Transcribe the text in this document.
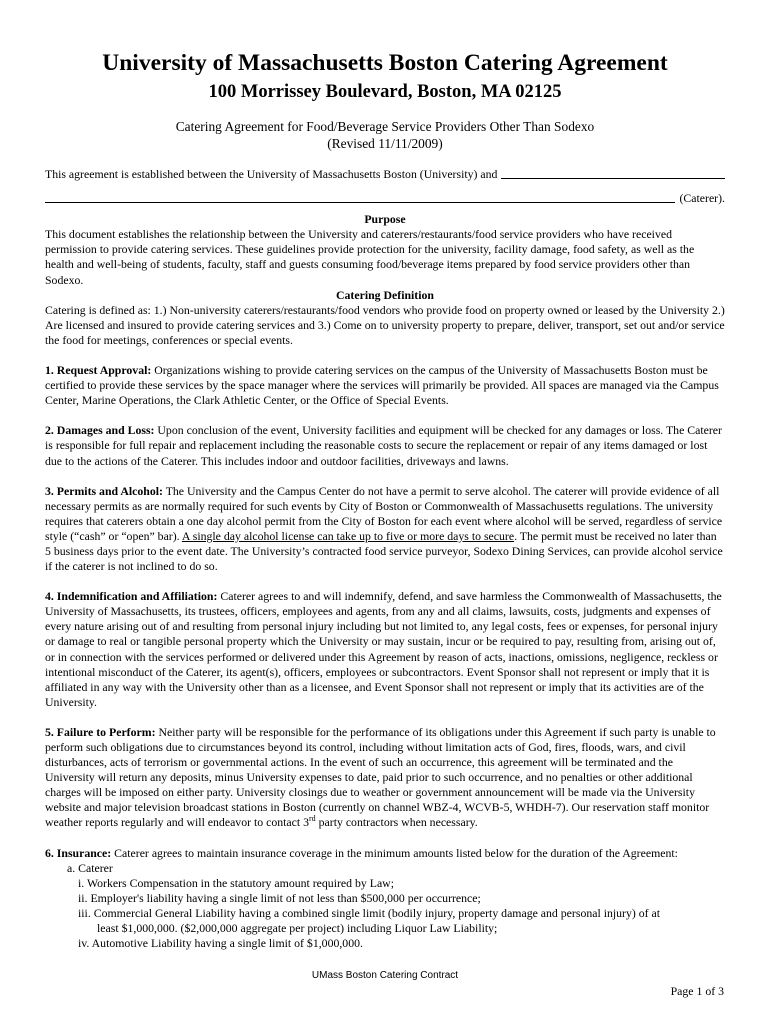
University of Massachusetts Boston Catering Agreement
100 Morrissey Boulevard, Boston, MA 02125
Catering Agreement for Food/Beverage Service Providers Other Than Sodexo
(Revised 11/11/2009)
This agreement is established between the University of Massachusetts Boston (University) and
(Caterer).

Purpose

This document establishes the relationship between the University and caterers/restaurants/food service providers who have received permission to provide catering services. These guidelines provide protection for the university, facility damage, food safety, as well as the health and well-being of students, faculty, staff and guests consuming food/beverage items prepared by food service providers other than Sodexo.

Catering Definition

Catering is defined as: 1.) Non-university caterers/restaurants/food vendors who provide food on property owned or leased by the University 2.) Are licensed and insured to provide catering services and 3.) Come on to university property to prepare, deliver, transport, set out and/or service the food for meetings, conferences or special events.

1. Request Approval: Organizations wishing to provide catering services on the campus of the University of Massachusetts Boston must be certified to provide these services by the space manager where the services will primarily be provided. All spaces are managed via the Campus Center, Marine Operations, the Clark Athletic Center, or the Office of Special Events.

2. Damages and Loss: Upon conclusion of the event, University facilities and equipment will be checked for any damages or loss. The Caterer is responsible for full repair and replacement including the reasonable costs to secure the replacement or repair of any items damaged or lost due to the actions of the Caterer. This includes indoor and outdoor facilities, driveways and lawns.

3. Permits and Alcohol: The University and the Campus Center do not have a permit to serve alcohol. The caterer will provide evidence of all necessary permits as are normally required for such events by City of Boston or Commonwealth of Massachusetts regulations. The university requires that caterers obtain a one day alcohol permit from the City of Boston for each event where alcohol will be served, regardless of service style (“cash” or “open” bar). A single day alcohol license can take up to five or more days to secure. The permit must be received no later than 5 business days prior to the event date. The University’s contracted food service purveyor, Sodexo Dining Services, can provide alcohol service if the caterer is not inclined to do so.

4. Indemnification and Affiliation: Caterer agrees to and will indemnify, defend, and save harmless the Commonwealth of Massachusetts, the University of Massachusetts, its trustees, officers, employees and agents, from any and all claims, lawsuits, costs, judgments and expenses of every nature arising out of and resulting from personal injury including but not limited to, any legal costs, fees or expenses, for personal injury or damage to real or tangible personal property which the University or may sustain, incur or be required to pay, resulting from, arising out of, or in connection with the services performed or delivered under this Agreement by reason of acts, inactions, omissions, negligence, reckless or intentional misconduct of the Caterer, its agent(s), officers, employees or subcontractors. Event Sponsor shall not represent or imply that it is affiliated in any way with the University other than as a licensee, and Event Sponsor shall not represent or imply that its activities are of the University.

5. Failure to Perform: Neither party will be responsible for the performance of its obligations under this Agreement if such party is unable to perform such obligations due to circumstances beyond its control, including without limitation acts of God, fires, floods, wars, and civil disturbances, acts of terrorism or governmental actions. In the event of such an occurrence, this agreement will be terminated and the University will return any deposits, minus University expenses to date, paid prior to such occurrence, and no penalties or other additional charges will be imposed on either party. University closings due to weather or government announcement will be made via the University website and major television broadcast stations in Boston (currently on channel WBZ-4, WCVB-5, WHDH-7). Our reservation staff monitor weather reports regularly and will endeavor to contact 3rd party contractors when necessary.

6. Insurance: Caterer agrees to maintain insurance coverage in the minimum amounts listed below for the duration of the Agreement:

a. Caterer

i. Workers Compensation in the statutory amount required by Law;

ii. Employer's liability having a single limit of not less than $500,000 per occurrence;

iii. Commercial General Liability having a combined single limit (bodily injury, property damage and personal injury) of at

least $1,000,000. ($2,000,000 aggregate per project) including Liquor Law Liability;

iv. Automotive Liability having a single limit of $1,000,000.

UMass Boston Catering Contract
Page 1 of 3
